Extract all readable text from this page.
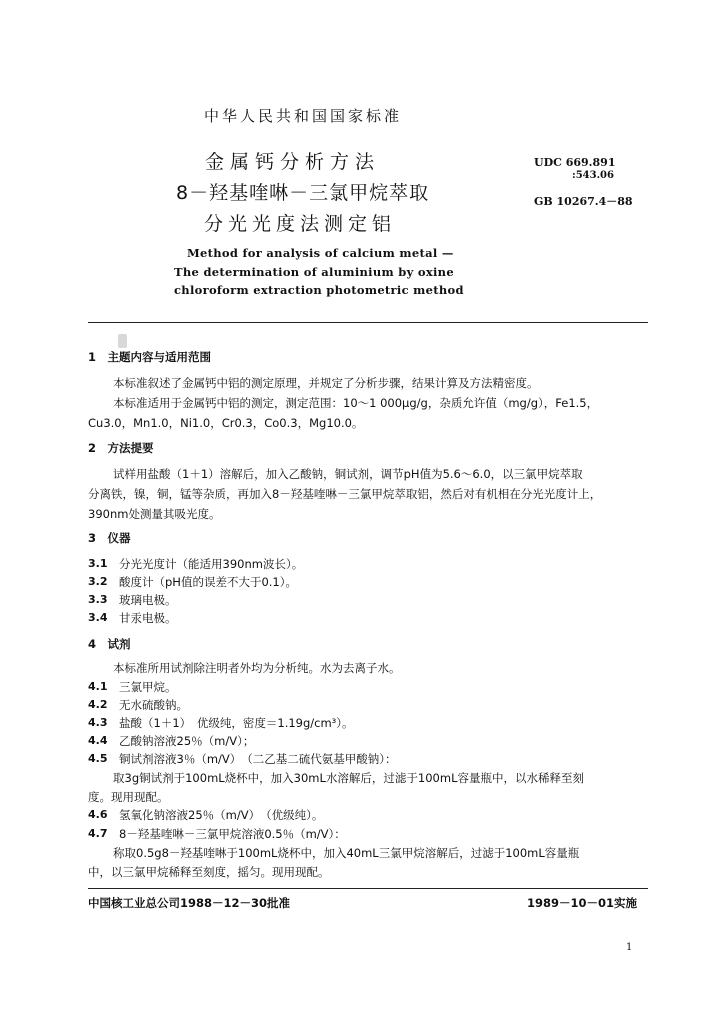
中华人民共和国国家标准
金属钙分析方法
8－羟基喹啉－三氯甲烷萃取
分光光度法测定铝
UDC 669.891
:543.06
GB 10267.4－88
Method for analysis of calcium metal —
The determination of aluminium by oxine
chloroform extraction photometric method
1　主题内容与适用范围
本标准叙述了金属钙中铝的测定原理，并规定了分析步骤，结果计算及方法精密度。
本标准适用于金属钙中铝的测定，测定范围：10～1 000μg/g，杂质允许值（mg/g），Fe1.5，
Cu3.0，Mn1.0，Ni1.0，Cr0.3，Co0.3，Mg10.0。
2　方法提要
试样用盐酸（1＋1）溶解后，加入乙酸钠，铜试剂，调节pH值为5.6～6.0，以三氯甲烷萃取
分离铁，镍，铜，锰等杂质，再加入8－羟基喹啉－三氯甲烷萃取铝，然后对有机相在分光光度计上，
390nm处测量其吸光度。
3　仪器
3.1 分光光度计（能适用390nm波长）。
3.2 酸度计（pH值的误差不大于0.1）。
3.3 玻璃电极。
3.4 甘汞电极。
4　试剂
本标准所用试剂除注明者外均为分析纯。水为去离子水。
4.1 三氯甲烷。
4.2 无水硫酸钠。
4.3 盐酸（1＋1）　优级纯，密度＝1.19g/cm³）。
4.4 乙酸钠溶液25％（m/V）；
4.5 铜试剂溶液3％（m/V）　（二乙基二硫代氨基甲酸钠）：
取3g铜试剂于100mL烧杯中，加入30mL水溶解后，过滤于100mL容量瓶中，以水稀释至刻
度。现用现配。
4.6 氢氧化钠溶液25％（m/V）　（优级纯）。
4.7 8－羟基喹啉－三氯甲烷溶液0.5％（m/V）：
称取0.5g8－羟基喹啉于100mL烧杯中，加入40mL三氯甲烷溶解后，过滤于100mL容量瓶
中，以三氯甲烷稀释至刻度，摇匀。现用现配。
中国核工业总公司1988－12－30批准	1989－10－01实施
1
